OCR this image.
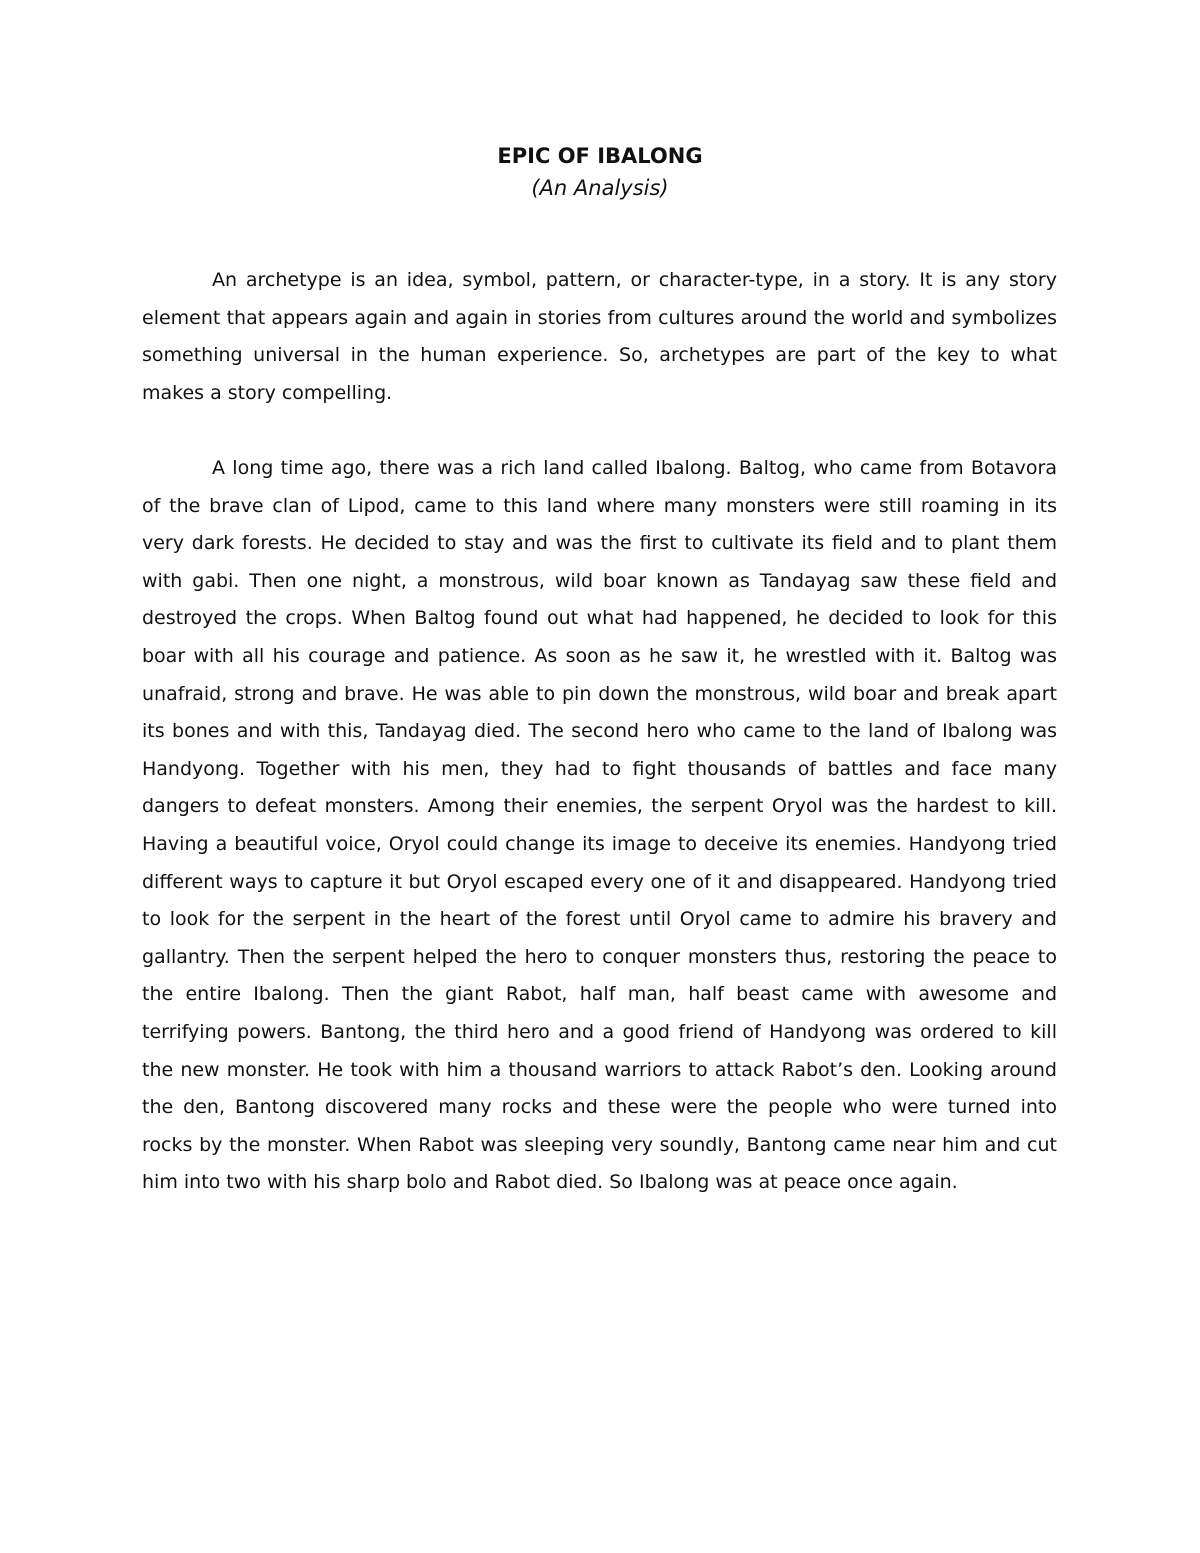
EPIC OF IBALONG
(An Analysis)

An archetype is an idea, symbol, pattern, or character-type, in a story. It is any story element that appears again and again in stories from cultures around the world and symbolizes something universal in the human experience. So, archetypes are part of the key to what makes a story compelling.

A long time ago, there was a rich land called Ibalong. Baltog, who came from Botavora of the brave clan of Lipod, came to this land where many monsters were still roaming in its very dark forests. He decided to stay and was the first to cultivate its field and to plant them with gabi. Then one night, a monstrous, wild boar known as Tandayag saw these field and destroyed the crops. When Baltog found out what had happened, he decided to look for this boar with all his courage and patience. As soon as he saw it, he wrestled with it. Baltog was unafraid, strong and brave. He was able to pin down the monstrous, wild boar and break apart its bones and with this, Tandayag died. The second hero who came to the land of Ibalong was Handyong. Together with his men, they had to fight thousands of battles and face many dangers to defeat monsters. Among their enemies, the serpent Oryol was the hardest to kill. Having a beautiful voice, Oryol could change its image to deceive its enemies. Handyong tried different ways to capture it but Oryol escaped every one of it and disappeared. Handyong tried to look for the serpent in the heart of the forest until Oryol came to admire his bravery and gallantry. Then the serpent helped the hero to conquer monsters thus, restoring the peace to the entire Ibalong. Then the giant Rabot, half man, half beast came with awesome and terrifying powers. Bantong, the third hero and a good friend of Handyong was ordered to kill the new monster. He took with him a thousand warriors to attack Rabot’s den. Looking around the den, Bantong discovered many rocks and these were the people who were turned into rocks by the monster. When Rabot was sleeping very soundly, Bantong came near him and cut him into two with his sharp bolo and Rabot died. So Ibalong was at peace once again.
